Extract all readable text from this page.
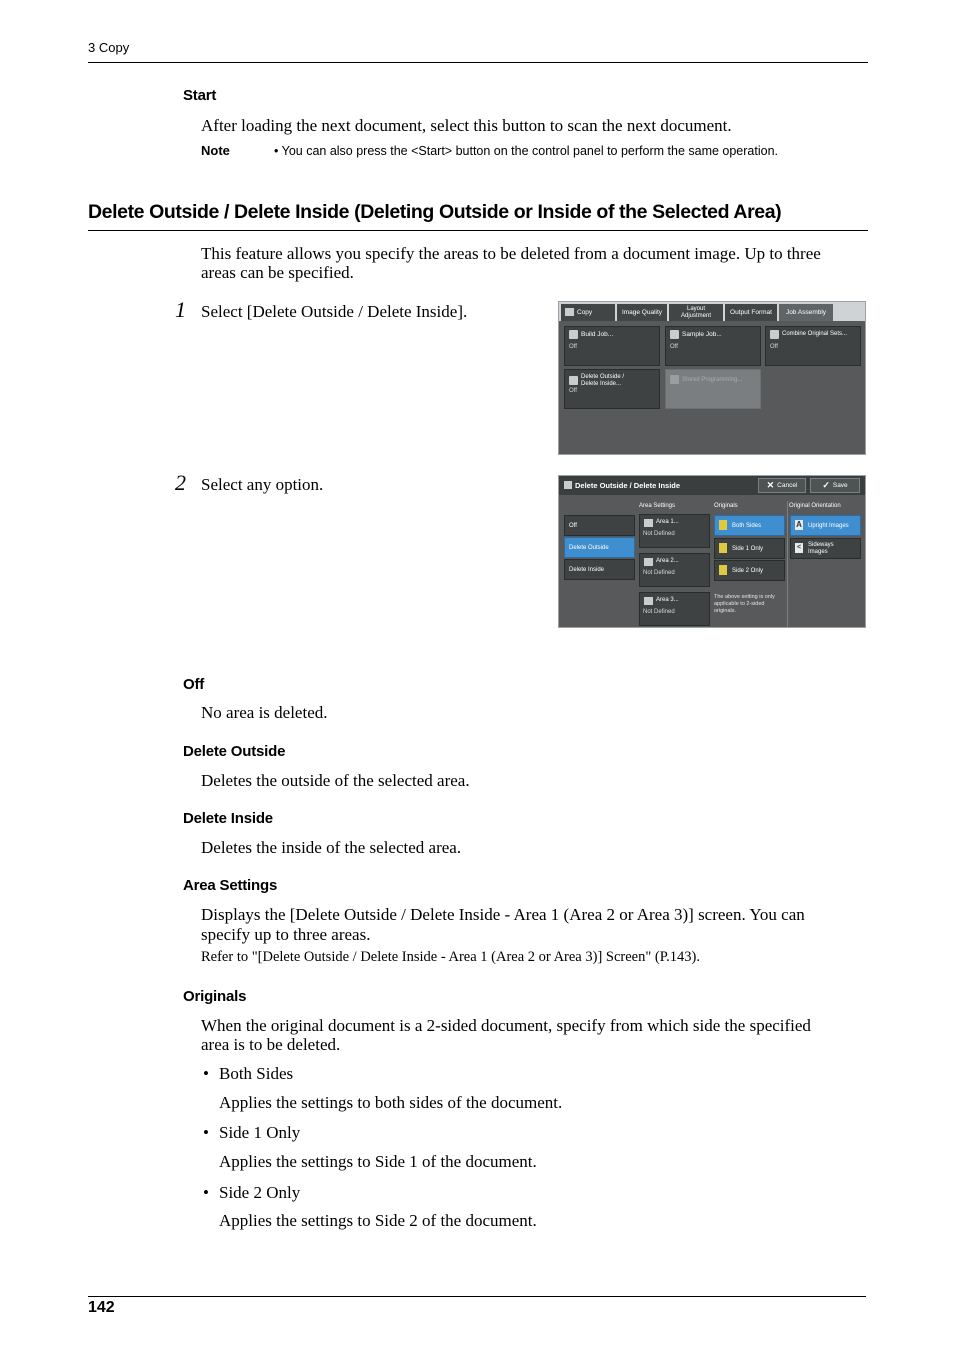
3 Copy
Start
After loading the next document, select this button to scan the next document.
Note	• You can also press the <Start> button on the control panel to perform the same operation.
Delete Outside / Delete Inside (Deleting Outside or Inside of the Selected Area)
This feature allows you specify the areas to be deleted from a document image. Up to three
areas can be specified.
1 Select [Delete Outside / Delete Inside].	Copy	Image Quality
Layout Adjustment	Output Format Job Assembly
Build Job...
Off
Sample Job...
Off
Combine Original Sets...
Off
Delete Outside / Delete Inside...
Off
Stored Programming...
2 Select any option.	Delete Outside / Delete Inside	✕ Cancel	✓ Save
Area Settings	Originals	Original Orientation
Off
Delete Outside
Delete Inside
Area 1...
Not Defined
Area 2...
Not Defined
Area 3...
Not Defined
Both Sides
Side 1 Only
Side 2 Only
The above setting is only applicable to 2-sided originals.
A Upright Images
<	Sideways Images
Off
No area is deleted.
Delete Outside
Deletes the outside of the selected area.
Delete Inside
Deletes the inside of the selected area.
Area Settings
Displays the [Delete Outside / Delete Inside - Area 1 (Area 2 or Area 3)] screen. You can
specify up to three areas.
Refer to "[Delete Outside / Delete Inside - Area 1 (Area 2 or Area 3)] Screen" (P.143).
Originals
When the original document is a 2-sided document, specify from which side the specified
area is to be deleted.
• Both Sides
Applies the settings to both sides of the document.
• Side 1 Only
Applies the settings to Side 1 of the document.
• Side 2 Only
Applies the settings to Side 2 of the document.
142
